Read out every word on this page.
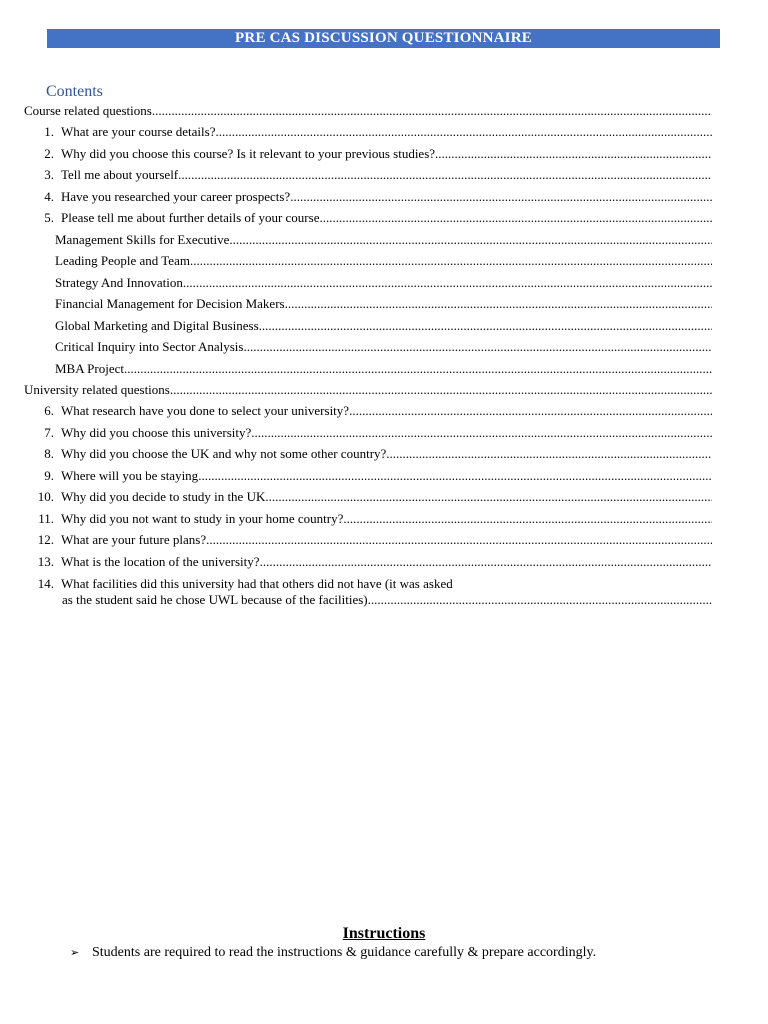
PRE CAS DISCUSSION QUESTIONNAIRE
Contents
Course related questions
.....
1. What are your course details?
.....
2. Why did you choose this course? Is it relevant to your previous studies?
.....
3. Tell me about yourself
.....
4. Have you researched your career prospects?
.....
5. Please tell me about further details of your course
.....
Management Skills for Executive
.....
Leading People and Team
.....
Strategy And Innovation
.....
Financial Management for Decision Makers
.....
Global Marketing and Digital Business
.....
Critical Inquiry into Sector Analysis
.....
MBA Project
.....
University related questions
.....
6. What research have you done to select your university?
.....
7. Why did you choose this university?
.....
8. Why did you choose the UK and why not some other country?
.....
9. Where will you be staying
.....
10. Why did you decide to study in the UK
.....
11. Why did you not want to study in your home country?
.....
12. What are your future plans?
.....
13. What is the location of the university?
.....
14. What facilities did this university had that others did not have (it was asked
as the student said he chose UWL because of the facilities)
.....
Instructions
➢ Students are required to read the instructions & guidance carefully & prepare accordingly.
